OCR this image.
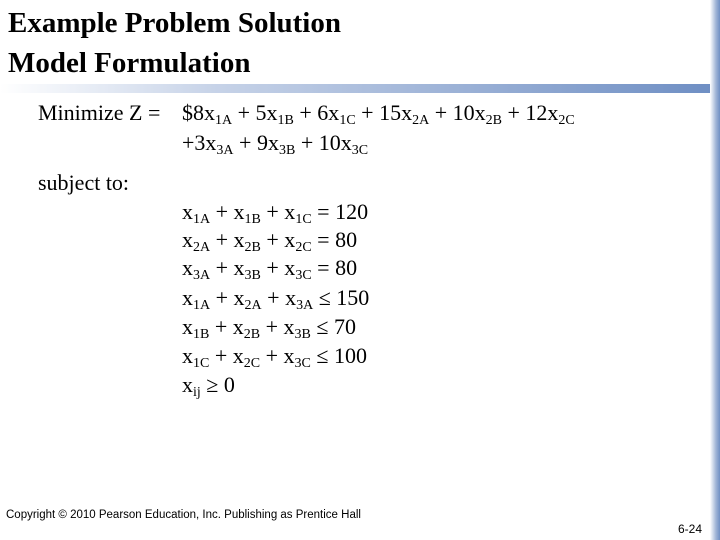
Example Problem Solution
Model Formulation
Minimize $Z = \$8x_{1A} + 5x_{1B} + 6x_{1C} + 15x_{2A} + 10x_{2B} + 12x_{2C}$
$+3x_{3A} + 9x_{3B} + 10x_{3C}$
subject to:
$x_{1A} + x_{1B} + x_{1C} = 120$
$x_{2A} + x_{2B} + x_{2C} = 80$
$x_{3A} + x_{3B} + x_{3C} = 80$
$x_{1A} + x_{2A} + x_{3A} \le 150$
$x_{1B} + x_{2B} + x_{3B} \le 70$
$x_{1C} + x_{2C} + x_{3C} \le 100$
$x_{ij} \ge 0$
Copyright © 2010 Pearson Education, Inc. Publishing as Prentice Hall
6-24
